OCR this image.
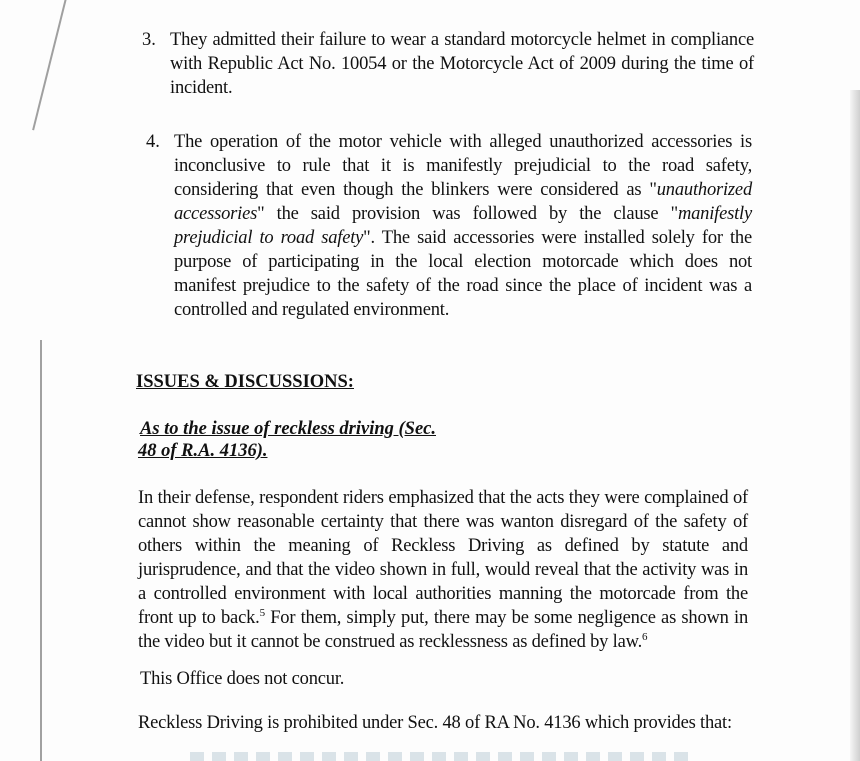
3. They admitted their failure to wear a standard motorcycle helmet in compliance with Republic Act No. 10054 or the Motorcycle Act of 2009 during the time of incident.

4. The operation of the motor vehicle with alleged unauthorized accessories is inconclusive to rule that it is manifestly prejudicial to the road safety, considering that even though the blinkers were considered as "unauthorized accessories" the said provision was followed by the clause "manifestly prejudicial to road safety". The said accessories were installed solely for the purpose of participating in the local election motorcade which does not manifest prejudice to the safety of the road since the place of incident was a controlled and regulated environment.

ISSUES & DISCUSSIONS:
As to the issue of reckless driving (Sec.
48 of R.A. 4136).

In their defense, respondent riders emphasized that the acts they were complained of cannot show reasonable certainty that there was wanton disregard of the safety of others within the meaning of Reckless Driving as defined by statute and jurisprudence, and that the video shown in full, would reveal that the activity was in a controlled environment with local authorities manning the motorcade from the front up to back.$^5$ For them, simply put, there may be some negligence as shown in the video but it cannot be construed as recklessness as defined by law.$^6$

This Office does not concur.

Reckless Driving is prohibited under Sec. 48 of RA No. 4136 which provides that:
